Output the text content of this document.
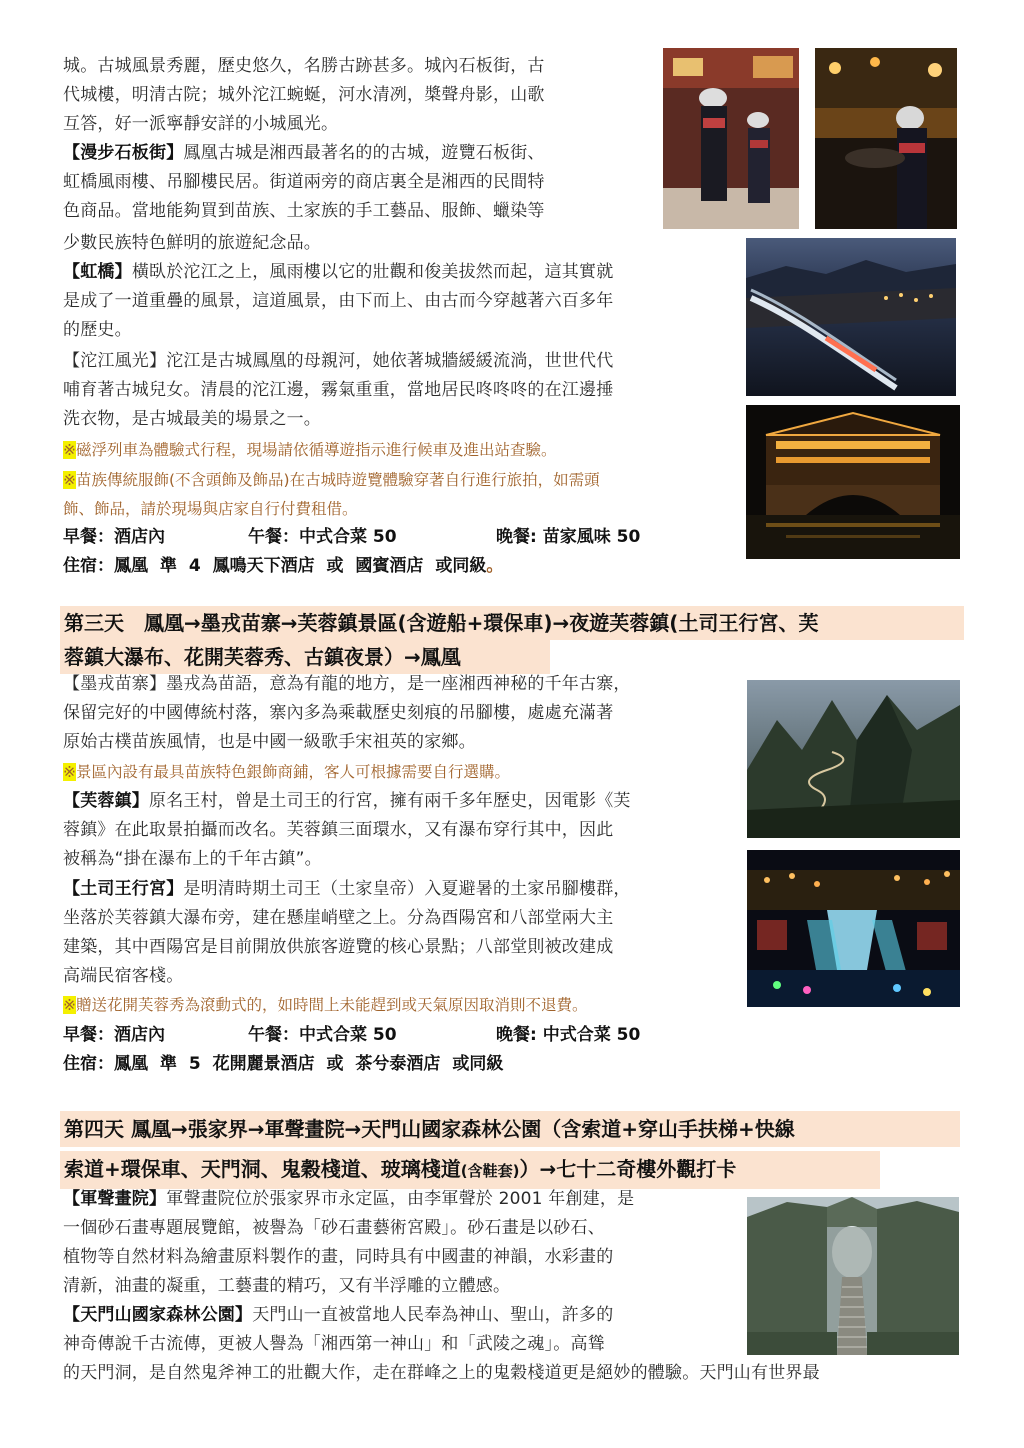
城。古城風景秀麗，歷史悠久，名勝古跡甚多。城內石板街，古
代城樓，明清古院；城外沱江蜿蜒，河水清冽，槳聲舟影，山歌
互答，好一派寧靜安詳的小城風光。

【漫步石板街】鳳凰古城是湘西最著名的的古城，遊覽石板街、
虹橋風雨樓、吊腳樓民居。街道兩旁的商店裏全是湘西的民間特
色商品。當地能夠買到苗族、土家族的手工藝品、服飾、蠟染等
少數民族特色鮮明的旅遊紀念品。

【虹橋】橫臥於沱江之上，風雨樓以它的壯觀和俊美拔然而起，這其實就
是成了一道重疊的風景，這道風景，由下而上、由古而今穿越著六百多年
的歷史。

【沱江風光】沱江是古城鳳凰的母親河，她依著城牆緩緩流淌，世世代代
哺育著古城兒女。清晨的沱江邊，霧氣重重，當地居民咚咚咚的在江邊捶
洗衣物，是古城最美的場景之一。

※磁浮列車為體驗式行程，現場請依循導遊指示進行候車及進出站查驗。

※苗族傳統服飾(不含頭飾及飾品)在古城時遊覽體驗穿著自行進行旅拍，如需頭
飾、飾品，請於現場與店家自行付費租借。

早餐：酒店內	午餐：中式合菜 50	晚餐: 苗家風味 50
住宿：鳳凰 準 4 鳳鳴天下酒店 或 國賓酒店 或同級。
第三天　鳳凰→墨戎苗寨→芙蓉鎮景區(含遊船+環保車)→夜遊芙蓉鎮(土司王行宮、芙
蓉鎮大瀑布、花開芙蓉秀、古鎮夜景）→鳳凰

【墨戎苗寨】墨戎為苗語，意為有龍的地方，是一座湘西神秘的千年古寨，
保留完好的中國傳統村落，寨內多為乘載歷史刻痕的吊腳樓，處處充滿著
原始古樸苗族風情，也是中國一級歌手宋祖英的家鄉。

※景區內設有最具苗族特色銀飾商鋪，客人可根據需要自行選購。

【芙蓉鎮】原名王村，曾是土司王的行宮，擁有兩千多年歷史，因電影《芙
蓉鎮》在此取景拍攝而改名。芙蓉鎮三面環水，又有瀑布穿行其中，因此
被稱為“掛在瀑布上的千年古鎮”。

【土司王行宮】是明清時期土司王（土家皇帝）入夏避暑的土家吊腳樓群，
坐落於芙蓉鎮大瀑布旁，建在懸崖峭壁之上。分為酉陽宮和八部堂兩大主
建築，其中酉陽宮是目前開放供旅客遊覽的核心景點；八部堂則被改建成
高端民宿客棧。

※贈送花開芙蓉秀為滾動式的，如時間上未能趕到或天氣原因取消則不退費。

早餐：酒店內	午餐：中式合菜 50	晚餐: 中式合菜 50
住宿：鳳凰 準 5 花開麗景酒店 或 茶兮泰酒店 或同級
第四天 鳳凰→張家界→軍聲畫院→天門山國家森林公園（含索道+穿山手扶梯+快線
索道+環保車、天門洞、鬼穀棧道、玻璃棧道(含鞋套)）→七十二奇樓外觀打卡

【軍聲畫院】軍聲畫院位於張家界市永定區，由李軍聲於 2001 年創建，是
一個砂石畫專題展覽館，被譽為「砂石畫藝術宮殿」。砂石畫是以砂石、
植物等自然材料為繪畫原料製作的畫，同時具有中國畫的神韻，水彩畫的
清新，油畫的凝重，工藝畫的精巧，又有半浮雕的立體感。

【天門山國家森林公園】天門山一直被當地人民奉為神山、聖山，許多的
神奇傳說千古流傳，更被人譽為「湘西第一神山」和「武陵之魂」。高聳
的天門洞，是自然鬼斧神工的壯觀大作，走在群峰之上的鬼穀棧道更是絕妙的體驗。天門山有世界最
